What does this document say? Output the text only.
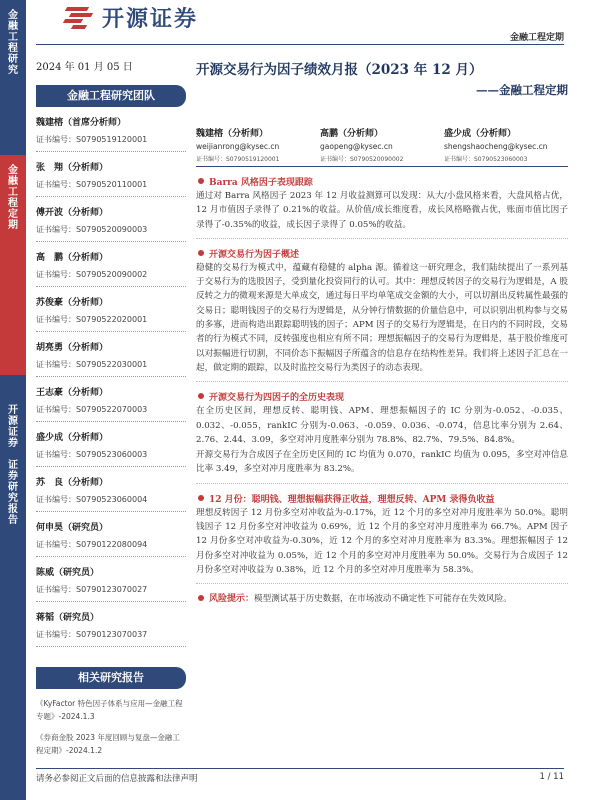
金
融
工
程
研
究
金
融
工
程
定
期
开
源
证
券

证
券
研
究
报
告
开源证券
金融工程定期
2024 年 01 月 05 日
金融工程研究团队
魏建榕（首席分析师）
证书编号：S0790519120001
张　翔（分析师）
证书编号：S0790520110001
傅开波（分析师）
证书编号：S0790520090003
高　鹏（分析师）
证书编号：S0790520090002
苏俊豪（分析师）
证书编号：S0790522020001
胡亮勇（分析师）
证书编号：S0790522030001
王志豪（分析师）
证书编号：S0790522070003
盛少成（分析师）
证书编号：S0790523060003
苏　良（分析师）
证书编号：S0790523060004
何申昊（研究员）
证书编号：S0790122080094
陈威（研究员）
证书编号：S0790123070027
蒋韬（研究员）
证书编号：S0790123070037
相关研究报告
《KyFactor 特色因子体系与应用—金融工程专题》-2024.1.3
《券商金股 2023 年度回顾与复盘—金融工程定期》-2024.1.2
开源交易行为因子绩效月报（2023 年 12 月）
——金融工程定期
魏建榕（分析师）
weijianrong@kysec.cn
证书编号：S0790519120001
高鹏（分析师）
gaopeng@kysec.cn
证书编号：S0790520090002
盛少成（分析师）
shengshaocheng@kysec.cn
证书编号：S0790523060003
Barra 风格因子表现跟踪
通过对 Barra 风格因子 2023 年 12 月收益测算可以发现：从大/小盘风格来看，大盘风格占优，12 月市值因子录得了 0.21%的收益。从价值/成长维度看，成长风格略微占优，账面市值比因子录得了-0.35%的收益，成长因子录得了 0.05%的收益。
开源交易行为因子概述
稳健的交易行为模式中，蕴藏有稳健的 alpha 源。循着这一研究理念，我们陆续提出了一系列基于交易行为的选股因子，受到量化投资同行的认可。其中：理想反转因子的交易行为逻辑是，A 股反转之力的微观来源是大单成交，通过每日平均单笔成交金额的大小，可以切割出反转属性最强的交易日；聪明钱因子的交易行为逻辑是，从分钟行情数据的价量信息中，可以识别出机构参与交易的多寡，进而构造出跟踪聪明钱的因子；APM 因子的交易行为逻辑是，在日内的不同时段，交易者的行为模式不同，反转强度也相应有所不同；理想振幅因子的交易行为逻辑是，基于股价维度可以对振幅进行切割，不同价态下振幅因子所蕴含的信息存在结构性差异。我们将上述因子汇总在一起，做定期的跟踪，以及时监控交易行为类因子的动态表现。
开源交易行为四因子的全历史表现
在全历史区间，理想反转、聪明钱、APM、理想振幅因子的 IC 分别为-0.052、-0.035、0.032、-0.055，rankIC 分别为-0.063、-0.059、0.036、-0.074，信息比率分别为 2.64、2.76、2.44、3.09，多空对冲月度胜率分别为 78.8%、82.7%、79.5%、84.8%。
开源交易行为合成因子在全历史区间的 IC 均值为 0.070，rankIC 均值为 0.095，多空对冲信息比率 3.49，多空对冲月度胜率为 83.2%。
12 月份：聪明钱、理想振幅获得正收益，理想反转、APM 录得负收益
理想反转因子 12 月份多空对冲收益为-0.17%，近 12 个月的多空对冲月度胜率为 50.0%。聪明钱因子 12 月份多空对冲收益为 0.69%，近 12 个月的多空对冲月度胜率为 66.7%。APM 因子 12 月份多空对冲收益为-0.30%，近 12 个月的多空对冲月度胜率为 83.3%。理想振幅因子 12 月份多空对冲收益为 0.05%，近 12 个月的多空对冲月度胜率为 50.0%。交易行为合成因子 12 月份多空对冲收益为 0.38%，近 12 个月的多空对冲月度胜率为 58.3%。
风险提示：模型测试基于历史数据，在市场波动不确定性下可能存在失效风险。
请务必参阅正文后面的信息披露和法律声明	1 / 11
